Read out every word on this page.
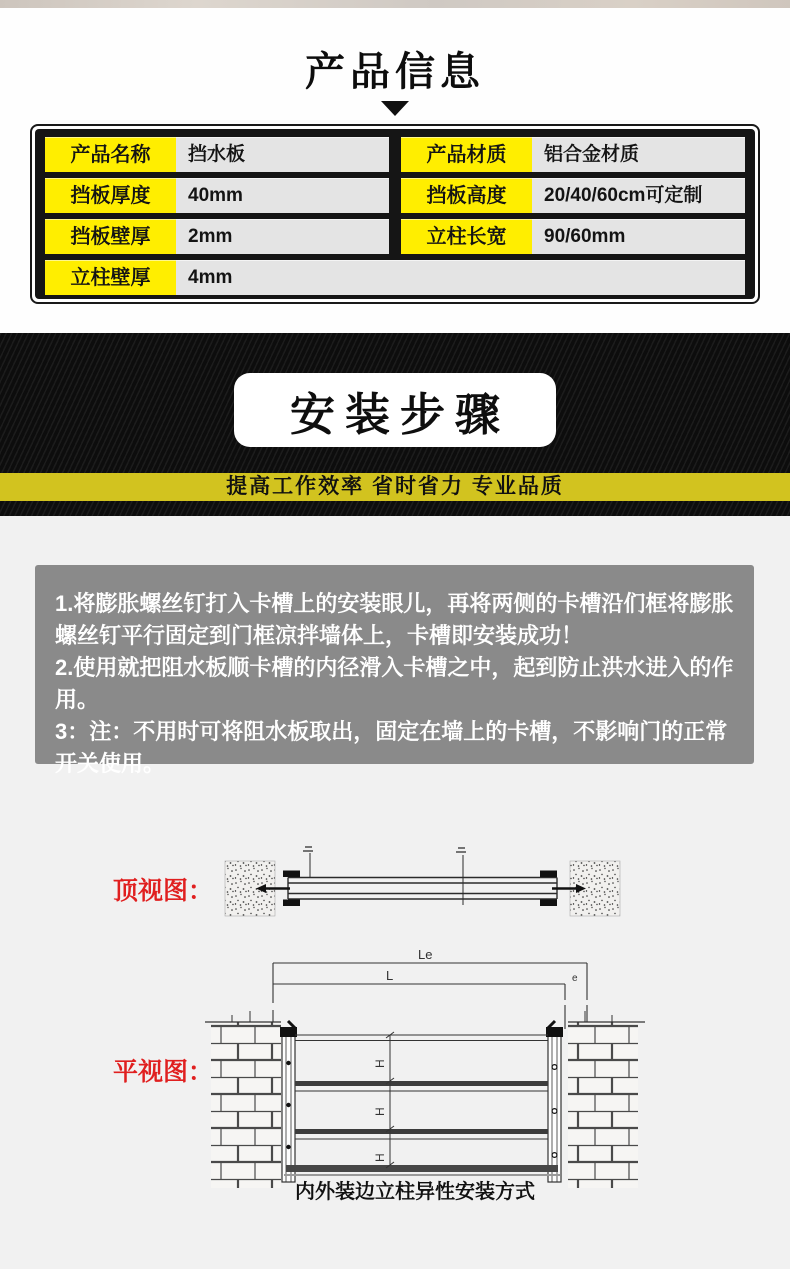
产品信息
产品名称	挡水板	产品材质	铝合金材质
挡板厚度	40mm	挡板高度	20/40/60cm可定制
挡板壁厚	2mm	立柱长宽	90/60mm
立柱壁厚	4mm
安装步骤
提高工作效率 省时省力 专业品质
Le
L	e
H
H
H
顶视图：
平视图：
内外装边立柱异性安装方式

1.将膨胀螺丝钉打入卡槽上的安装眼儿，再将两侧的卡槽沿们框将膨胀螺丝钉平行固定到门框凉拌墙体上，卡槽即安装成功！

2.使用就把阻水板顺卡槽的内径滑入卡槽之中，起到防止洪水进入的作用。

3：注：不用时可将阻水板取出，固定在墙上的卡槽，不影响门的正常开关使用。
